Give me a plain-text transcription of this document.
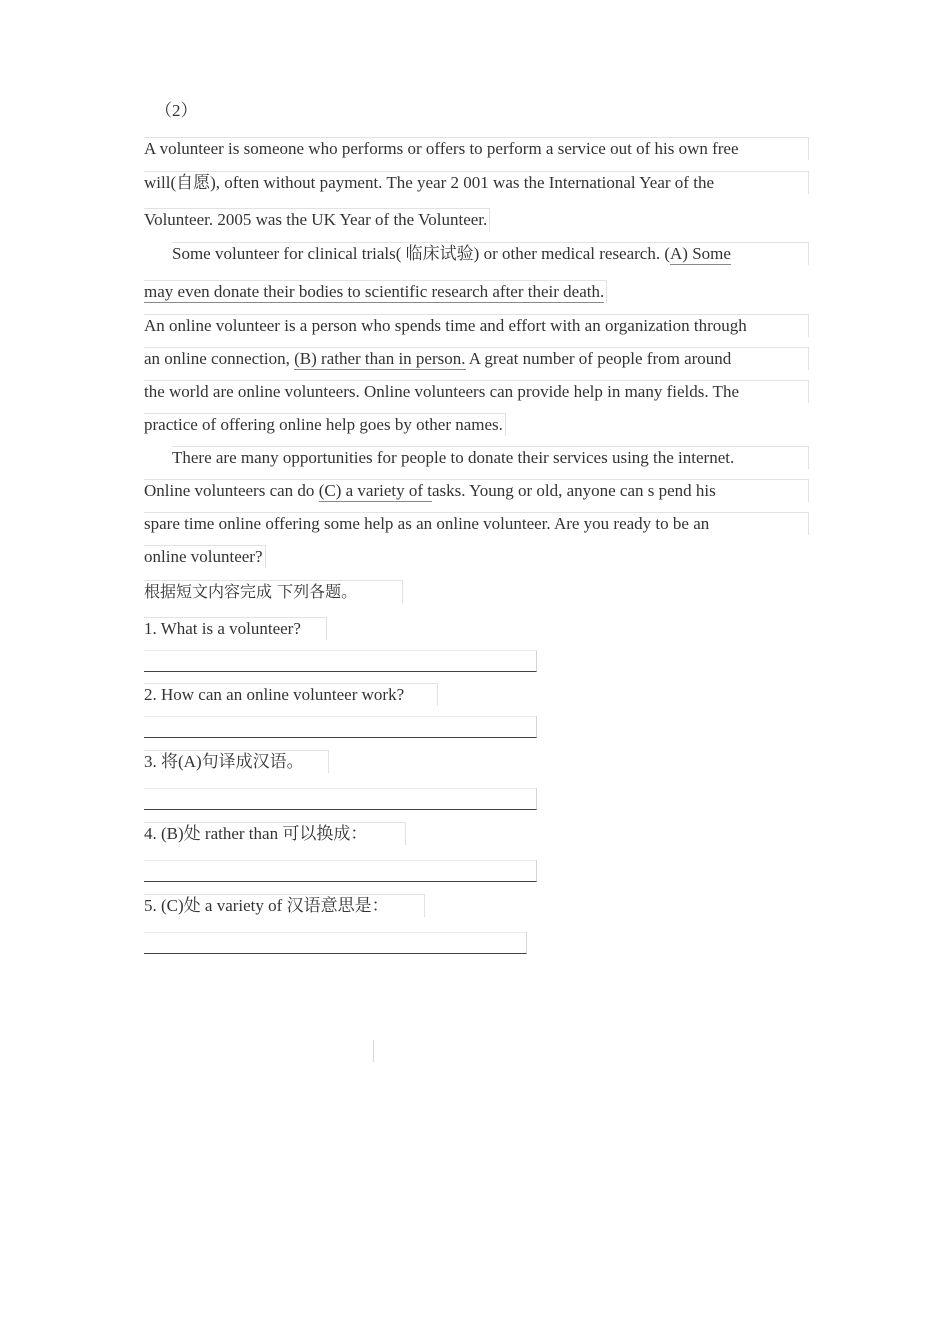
（2）
A volunteer is someone who performs or offers to perform a service out of his own free
will(自愿), often without payment. The year 2 001 was the International Year of the
Volunteer. 2005 was the UK Year of the Volunteer.
Some volunteer for clinical trials( 临床试验) or other medical research. (A) Some
may even donate their bodies to scientific research after their death.
An online volunteer is a person who spends time and effort with an organization through
an online connection, (B) rather than in person. A great number of people from around
the world are online volunteers. Online volunteers can provide help in many fields. The
practice of offering online help goes by other names.
There are many opportunities for people to donate their services using the internet.
Online volunteers can do (C) a variety of tasks. Young or old, anyone can s pend his
spare time online offering some help as an online volunteer. Are you ready to be an
online volunteer?
根据短文内容完成 下列各题。
1. What is a volunteer?
2. How can an online volunteer work?
3. 将(A)句译成汉语。
4. (B)处 rather than 可以换成：
5. (C)处 a variety of 汉语意思是：
